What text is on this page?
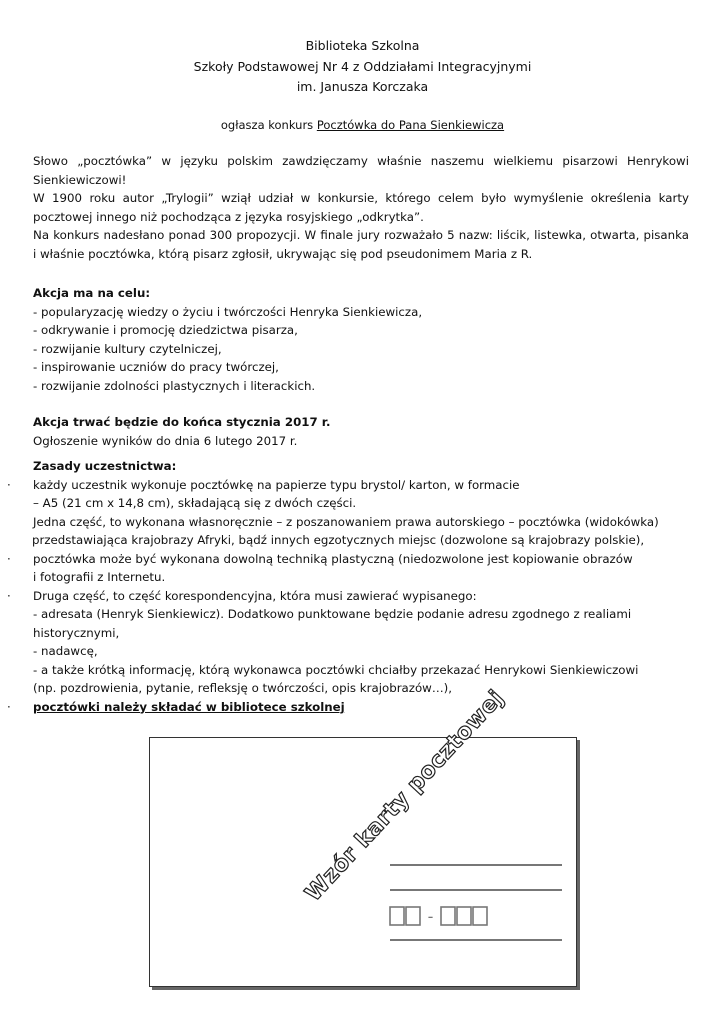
Biblioteka Szkolna
Szkoły Podstawowej Nr 4 z Oddziałami Integracyjnymi
im. Janusza Korczaka
ogłasza konkurs Pocztówka do Pana Sienkiewicza
Słowo „pocztówka” w języku polskim zawdzięczamy właśnie naszemu wielkiemu pisarzowi Henrykowi Sienkiewiczowi!
W 1900 roku autor „Trylogii” wziął udział w konkursie, którego celem było wymyślenie określenia karty pocztowej innego niż pochodząca z języka rosyjskiego „odkrytka”.
Na konkurs nadesłano ponad 300 propozycji. W finale jury rozważało 5 nazw: liścik, listewka, otwarta, pisanka i właśnie pocztówka, którą pisarz zgłosił, ukrywając się pod pseudonimem Maria z R.
Akcja ma na celu:
- popularyzację wiedzy o życiu i twórczości Henryka Sienkiewicza,
- odkrywanie i promocję dziedzictwa pisarza,
- rozwijanie kultury czytelniczej,
- inspirowanie uczniów do pracy twórczej,
- rozwijanie zdolności plastycznych i literackich.
Akcja trwać będzie do końca stycznia 2017 r.
Ogłoszenie wyników do dnia 6 lutego 2017 r.
Zasady uczestnictwa:
· każdy uczestnik wykonuje pocztówkę na papierze typu brystol/ karton, w formacie
– A5 (21 cm x 14,8 cm), składającą się z dwóch części.
Jedna część, to wykonana własnoręcznie – z poszanowaniem prawa autorskiego – pocztówka (widokówka)
przedstawiająca krajobrazy Afryki, bądź innych egzotycznych miejsc (dozwolone są krajobrazy polskie),
· pocztówka może być wykonana dowolną techniką plastyczną (niedozwolone jest kopiowanie obrazów
i fotografii z Internetu.
· Druga część, to część korespondencyjna, która musi zawierać wypisanego:
- adresata (Henryk Sienkiewicz). Dodatkowo punktowane będzie podanie adresu zgodnego z realiami
historycznymi,
- nadawcę,
- a także krótką informację, którą wykonawca pocztówki chciałby przekazać Henrykowi Sienkiewiczowi
(np. pozdrowienia, pytanie, refleksję o twórczości, opis krajobrazów…),
· pocztówki należy składać w bibliotece szkolnej
-
Wzór karty pocztowej
